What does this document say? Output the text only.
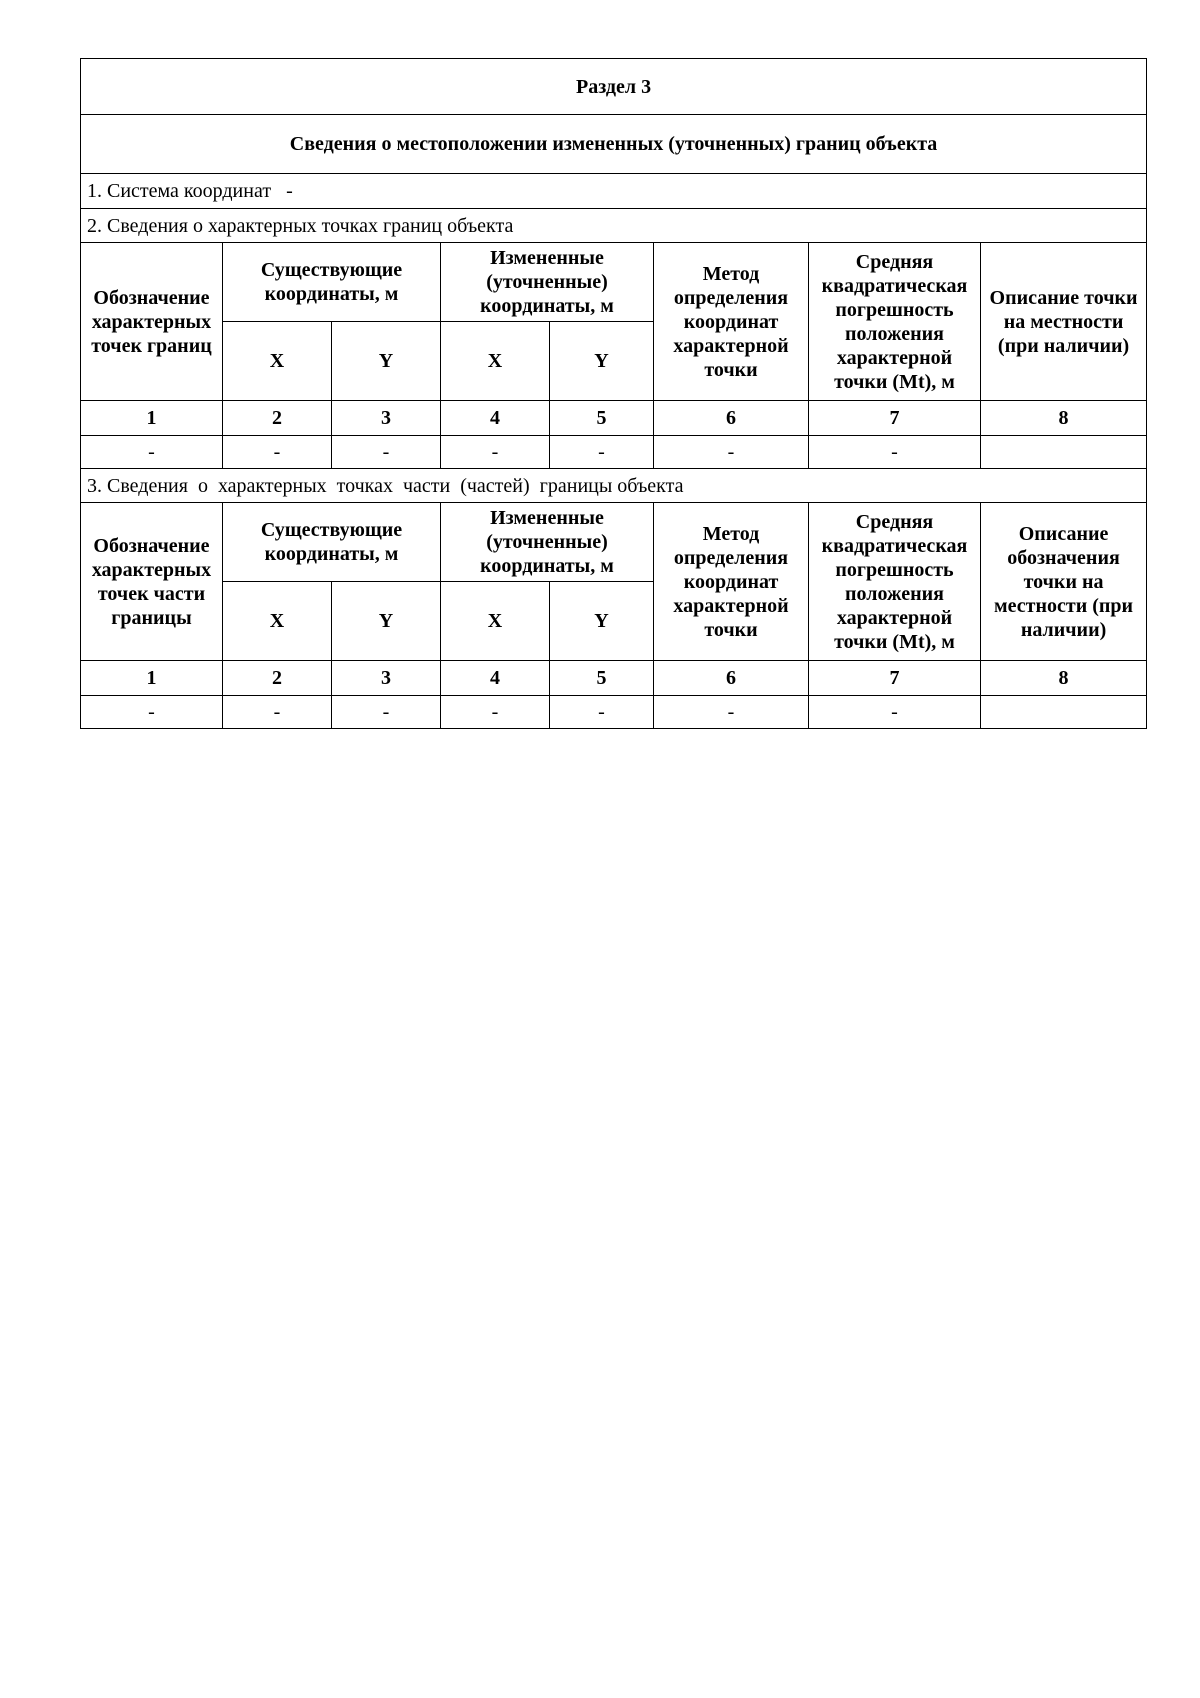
Раздел 3							
Сведения о местоположении измененных (уточненных) границ объекта							
1. Система координат -							
2. Сведения о характерных точках границ объекта							
Обозначение характерных точек границ	Существующие координаты, м		Измененные (уточненные) координаты, м		Метод определения координат характерной точки	Средняя квадратическая погрешность положения характерной точки (Mt), м	Описание точки на местности (при наличии)
	X	Y	X	Y			
1	2	3	4	5	6	7	8
-	-	-	-	-	-	-	
3. Сведения  о  характерных  точках  части  (частей)  границы объекта							
Обозначение характерных точек части границы	Существующие координаты, м		Измененные (уточненные) координаты, м		Метод определения координат характерной точки	Средняя квадратическая погрешность положения характерной точки (Mt), м	Описание обозначения точки на местности (при наличии)
	X	Y	X	Y			
1	2	3	4	5	6	7	8
-	-	-	-	-	-	-	
